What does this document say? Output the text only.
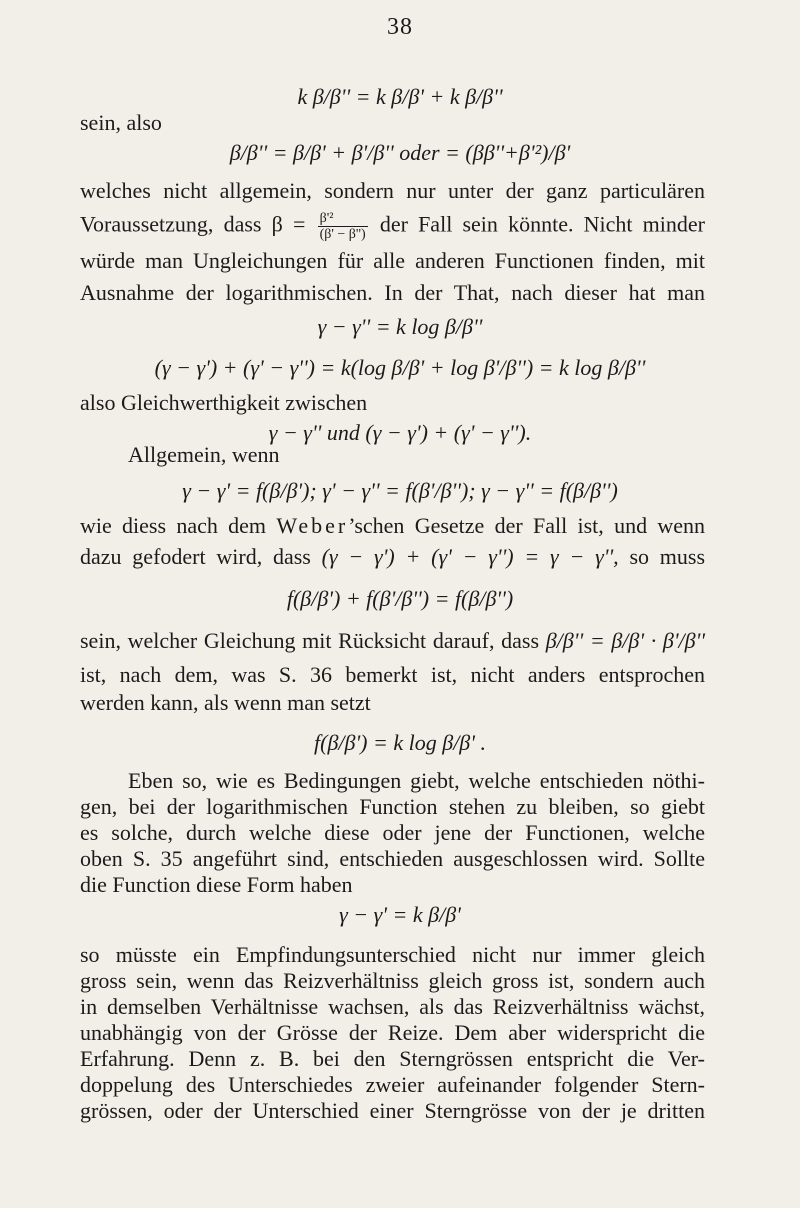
38
k β/β'' = k β/β' + k β/β''
sein, also
β/β'' = β/β' + β'/β'' oder = (ββ''+β'²)/β'
welches nicht allgemein, sondern nur unter der ganz particulären
Voraussetzung, dass $\beta = \frac{\text{β'²}}{(\beta' - \beta'')}$ der Fall sein könnte. Nicht minder
würde man Ungleichungen für alle anderen Functionen finden, mit
Ausnahme der logarithmischen. In der That, nach dieser hat man
γ − γ'' = k log β/β''
(γ − γ') + (γ' − γ'') = k(log β/β' + log β'/β'') = k log β/β''
also Gleichwerthigkeit zwischen
γ − γ'' und (γ − γ') + (γ' − γ'').
Allgemein, wenn
γ − γ' = f(β/β'); γ' − γ'' = f(β'/β''); γ − γ'' = f(β/β'')
wie diess nach dem Weber’schen Gesetze der Fall ist, und wenn
dazu gefodert wird, dass (γ − γ') + (γ' − γ'') = γ − γ'', so muss
f(β/β') + f(β'/β'') = f(β/β'')
sein, welcher Gleichung mit Rücksicht darauf, dass β/β'' = β/β' · β'/β''
ist, nach dem, was S. 36 bemerkt ist, nicht anders entsprochen
werden kann, als wenn man setzt
f(β/β') = k log β/β' .
Eben so, wie es Bedingungen giebt, welche entschieden nöthi-
gen, bei der logarithmischen Function stehen zu bleiben, so giebt
es solche, durch welche diese oder jene der Functionen, welche
oben S. 35 angeführt sind, entschieden ausgeschlossen wird. Sollte
die Function diese Form haben
γ − γ' = k β/β'
so müsste ein Empfindungsunterschied nicht nur immer gleich
gross sein, wenn das Reizverhältniss gleich gross ist, sondern auch
in demselben Verhältnisse wachsen, als das Reizverhältniss wächst,
unabhängig von der Grösse der Reize. Dem aber widerspricht die
Erfahrung. Denn z. B. bei den Sterngrössen entspricht die Ver-
doppelung des Unterschiedes zweier aufeinander folgender Stern-
grössen, oder der Unterschied einer Sterngrösse von der je dritten
